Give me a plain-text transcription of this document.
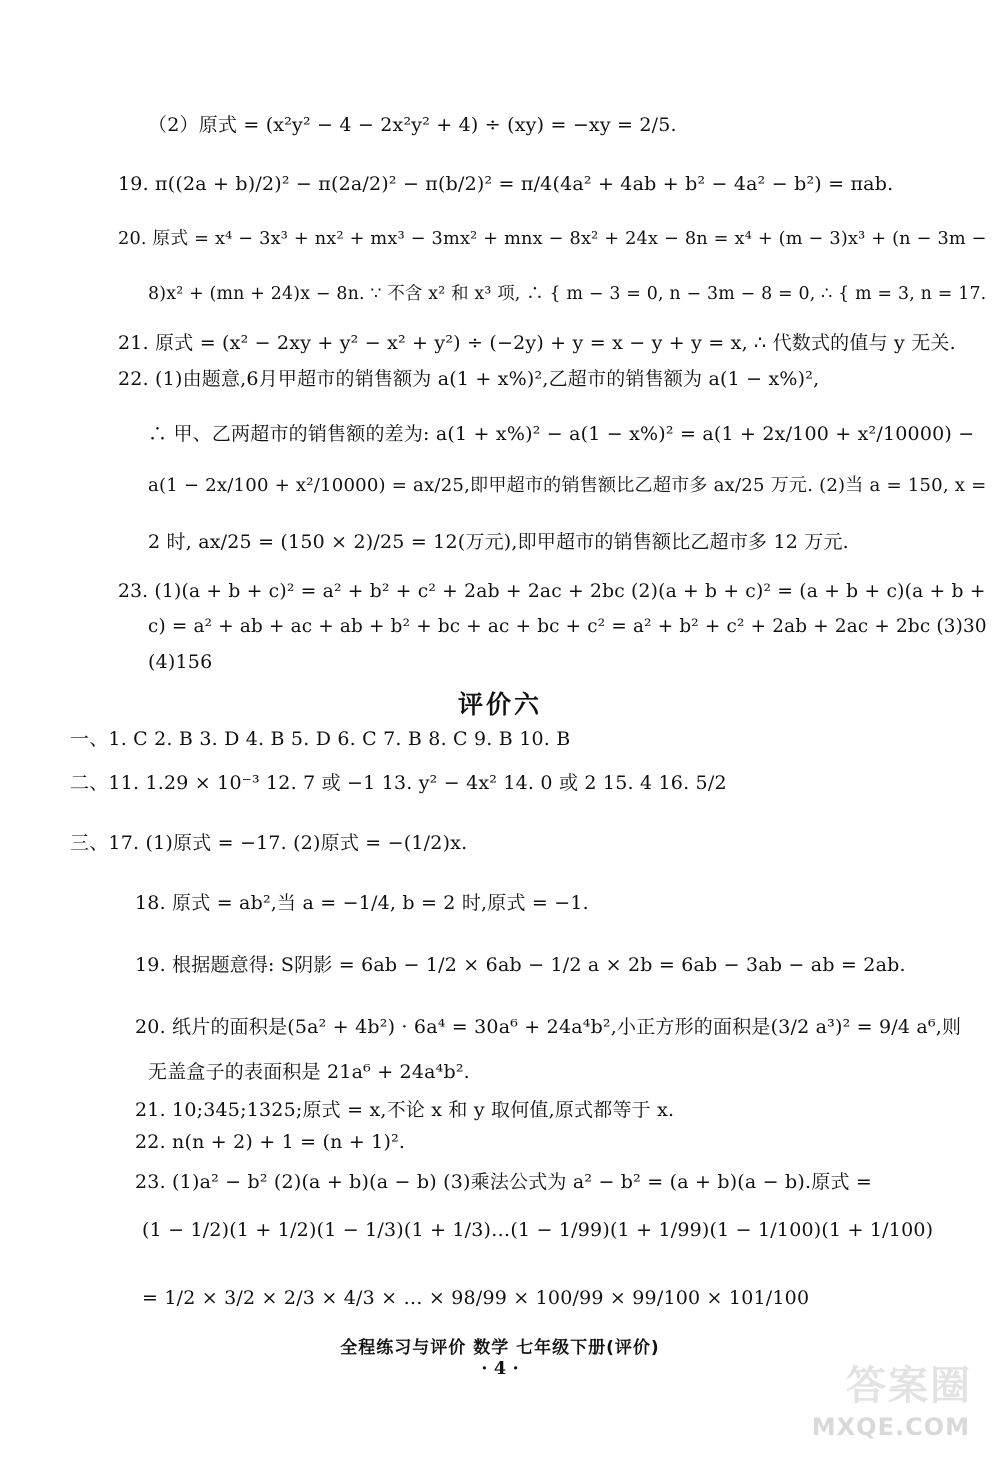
（2）原式 = (x²y² − 4 − 2x²y² + 4) ÷ (xy) = −xy = 2/5.
19. π((2a + b)/2)² − π(2a/2)² − π(b/2)² = π/4(4a² + 4ab + b² − 4a² − b²) = πab.
20. 原式 = x⁴ − 3x³ + nx² + mx³ − 3mx² + mnx − 8x² + 24x − 8n = x⁴ + (m − 3)x³ + (n − 3m −
8)x² + (mn + 24)x − 8n. ∵ 不含 x² 和 x³ 项, ∴ { m − 3 = 0, n − 3m − 8 = 0, ∴ { m = 3, n = 17.
21. 原式 = (x² − 2xy + y² − x² + y²) ÷ (−2y) + y = x − y + y = x, ∴ 代数式的值与 y 无关.
22. (1)由题意,6月甲超市的销售额为 a(1 + x%)²,乙超市的销售额为 a(1 − x%)²,
∴ 甲、乙两超市的销售额的差为: a(1 + x%)² − a(1 − x%)² = a(1 + 2x/100 + x²/10000) −
a(1 − 2x/100 + x²/10000) = ax/25,即甲超市的销售额比乙超市多 ax/25 万元. (2)当 a = 150, x =
2 时, ax/25 = (150 × 2)/25 = 12(万元),即甲超市的销售额比乙超市多 12 万元.
23. (1)(a + b + c)² = a² + b² + c² + 2ab + 2ac + 2bc (2)(a + b + c)² = (a + b + c)(a + b +
c) = a² + ab + ac + ab + b² + bc + ac + bc + c² = a² + b² + c² + 2ab + 2ac + 2bc (3)30
(4)156
评价六
一、1. C 2. B 3. D 4. B 5. D 6. C 7. B 8. C 9. B 10. B
二、11. 1.29 × 10⁻³ 12. 7 或 −1 13. y² − 4x² 14. 0 或 2 15. 4 16. 5/2
三、17. (1)原式 = −17. (2)原式 = −(1/2)x.
18. 原式 = ab²,当 a = −1/4, b = 2 时,原式 = −1.
19. 根据题意得: S阴影 = 6ab − 1/2 × 6ab − 1/2 a × 2b = 6ab − 3ab − ab = 2ab.
20. 纸片的面积是(5a² + 4b²) · 6a⁴ = 30a⁶ + 24a⁴b²,小正方形的面积是(3/2 a³)² = 9/4 a⁶,则
无盖盒子的表面积是 21a⁶ + 24a⁴b².
21. 10;345;1325;原式 = x,不论 x 和 y 取何值,原式都等于 x.
22. n(n + 2) + 1 = (n + 1)².
23. (1)a² − b² (2)(a + b)(a − b) (3)乘法公式为 a² − b² = (a + b)(a − b).原式 =
(1 − 1/2)(1 + 1/2)(1 − 1/3)(1 + 1/3)…(1 − 1/99)(1 + 1/99)(1 − 1/100)(1 + 1/100)
= 1/2 × 3/2 × 2/3 × 4/3 × … × 98/99 × 100/99 × 99/100 × 101/100
全程练习与评价 数学 七年级下册(评价)
· 4 ·	答案圈
MXQE.COM
